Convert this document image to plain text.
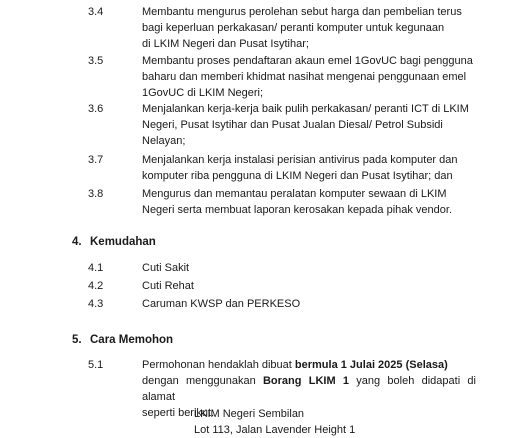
3.4	Membantu mengurus perolehan sebut harga dan pembelian terus
bagi keperluan perkakasan/ peranti komputer untuk kegunaan
di LKIM Negeri dan Pusat Isytihar;
3.5	Membantu proses pendaftaran akaun emel 1GovUC bagi pengguna
baharu dan memberi khidmat nasihat mengenai penggunaan emel
1GovUC di LKIM Negeri;
3.6	Menjalankan kerja-kerja baik pulih perkakasan/ peranti ICT di LKIM
Negeri, Pusat Isytihar dan Pusat Jualan Diesal/ Petrol Subsidi
Nelayan;
3.7	Menjalankan kerja instalasi perisian antivirus pada komputer dan
komputer riba pengguna di LKIM Negeri dan Pusat Isytihar; dan
3.8	Mengurus dan memantau peralatan komputer sewaan di LKIM
Negeri serta membuat laporan kerosakan kepada pihak vendor.
4. Kemudahan
4.1	Cuti Sakit
4.2	Cuti Rehat
4.3	Caruman KWSP dan PERKESO
5. Cara Memohon
5.1	Permohonan hendaklah dibuat bermula 1 Julai 2025 (Selasa)
dengan menggunakan Borang LKIM 1 yang boleh didapati di alamat
seperti berikut:
LKIM Negeri Sembilan
Lot 113, Jalan Lavender Height 1
